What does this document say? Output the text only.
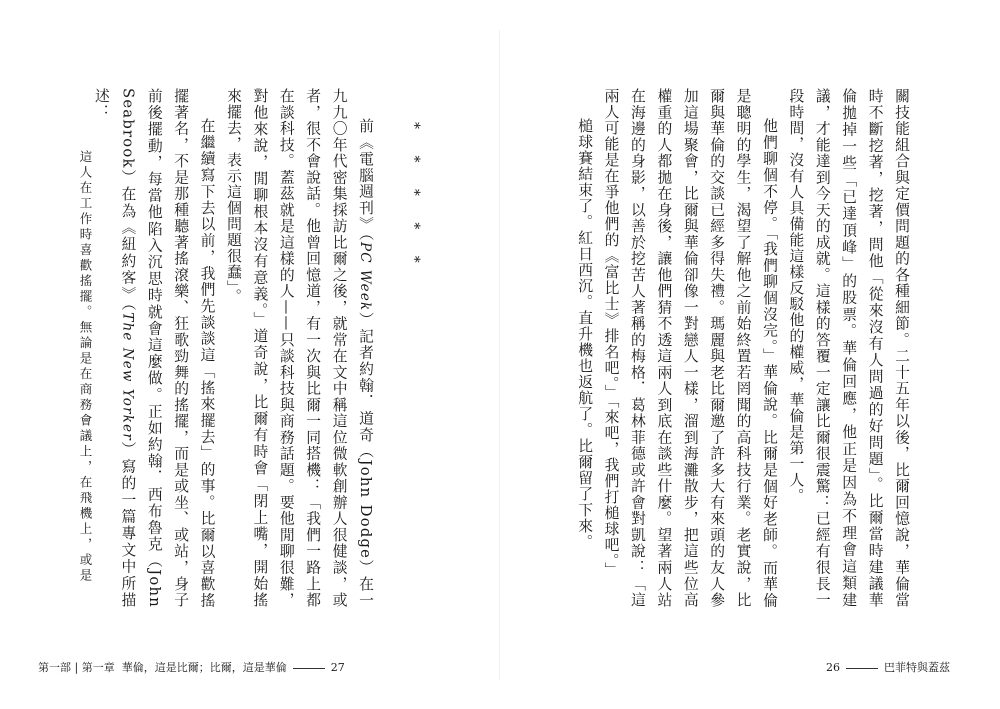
* * * * *

前《電腦週刊》（PC Week）記者約翰．道奇（John Dodge）在一九九〇年代密集採訪比爾之後，就常在文中稱這位微軟創辦人很健談，或者，很不會說話。他曾回憶道，有一次與比爾一同搭機：「我們一路上都在談科技。蓋茲就是這樣的人——只談科技與商務話題。要他閒聊很難，對他來說，閒聊根本沒有意義。」道奇說，比爾有時會「閉上嘴，開始搖來擺去，表示這個問題很蠢」。

在繼續寫下去以前，我們先談談這「搖來擺去」的事。比爾以喜歡搖擺著名，不是那種聽著搖滾樂、狂歌勁舞的搖擺，而是或坐、或站，身子前後擺動，每當他陷入沉思時就會這麼做。正如約翰．西布魯克（John Seabrook）在為《紐約客》（The New Yorker）寫的一篇專文中所描述：

這人在工作時喜歡搖擺。無論是在商務會議上，在飛機上，或是
第一部 | 第一章
華倫，這是比爾；比爾，這是華倫	27

關技能組合與定價問題的各種細節。二十五年以後，比爾回憶說，華倫當時不斷挖著，挖著，問他「從來沒有人問過的好問題」。比爾當時建議華倫拋掉一些「已達頂峰」的股票。華倫回應，他正是因為不理會這類建議，才能達到今天的成就。這樣的答覆一定讓比爾很震驚：已經有很長一段時間，沒有人具備能這樣反駁他的權威，華倫是第一人。

他們聊個不停。「我們聊個沒完。」華倫說。比爾是個好老師。而華倫是聰明的學生，渴望了解他之前始終置若罔聞的高科技行業。老實說，比爾與華倫的交談已經多得失禮。瑪麗與老比爾邀了許多大有來頭的友人參加這場聚會，比爾與華倫卻像一對戀人一樣，溜到海灘散步，把這些位高權重的人都拋在身後，讓他們猜不透這兩人到底在談些什麼。望著兩人站在海邊的身影，以善於挖苦人著稱的梅格．葛林菲德或許會對凱說：「這兩人可能是在爭他們的《富比士》排名吧。」「來吧，我們打槌球吧。」

槌球賽結束了。紅日西沉。直升機也返航了。比爾留了下來。

26	巴菲特與蓋茲
